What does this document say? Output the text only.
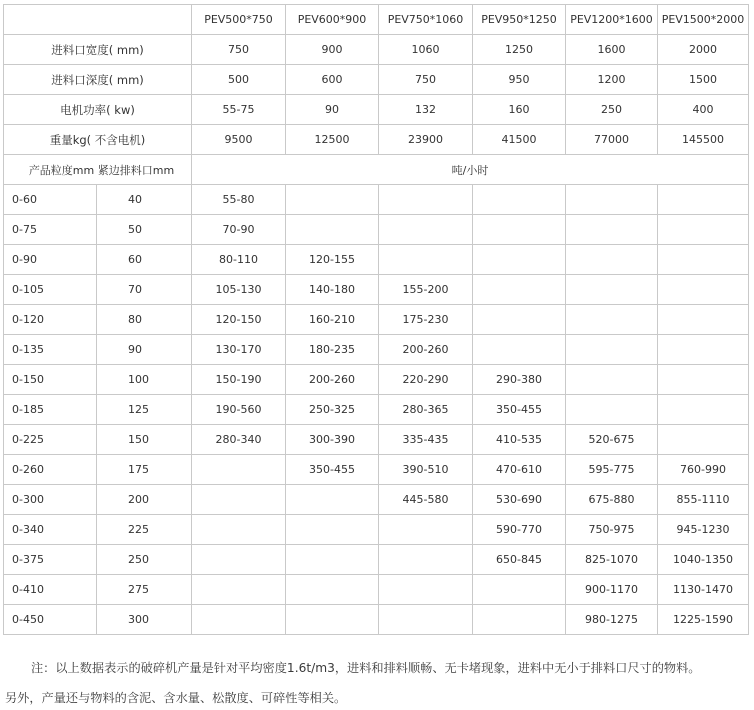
		PEV500*750	PEV600*900	PEV750*1060	PEV950*1250	PEV1200*1600	PEV1500*2000
进料口宽度( mm)		750	900	1060	1250	1600	2000
进料口深度( mm)		500	600	750	950	1200	1500
电机功率( kw)		55-75	90	132	160	250	400
重量kg( 不含电机)		9500	12500	23900	41500	77000	145500
产品粒度mm 紧边排料口mm		吨/小时					
0-60	40	55-80					
0-75	50	70-90					
0-90	60	80-110	120-155				
0-105	70	105-130	140-180	155-200			
0-120	80	120-150	160-210	175-230			
0-135	90	130-170	180-235	200-260			
0-150	100	150-190	200-260	220-290	290-380		
0-185	125	190-560	250-325	280-365	350-455		
0-225	150	280-340	300-390	335-435	410-535	520-675	
0-260	175		350-455	390-510	470-610	595-775	760-990
0-300	200			445-580	530-690	675-880	855-1110
0-340	225				590-770	750-975	945-1230
0-375	250				650-845	825-1070	1040-1350
0-410	275					900-1170	1130-1470
0-450	300					980-1275	1225-1590
注：以上数据表示的破碎机产量是针对平均密度1.6t/m3，进料和排料顺畅、无卡堵现象，进料中无小于排料口尺寸的物料。
另外，产量还与物料的含泥、含水量、松散度、可碎性等相关。
